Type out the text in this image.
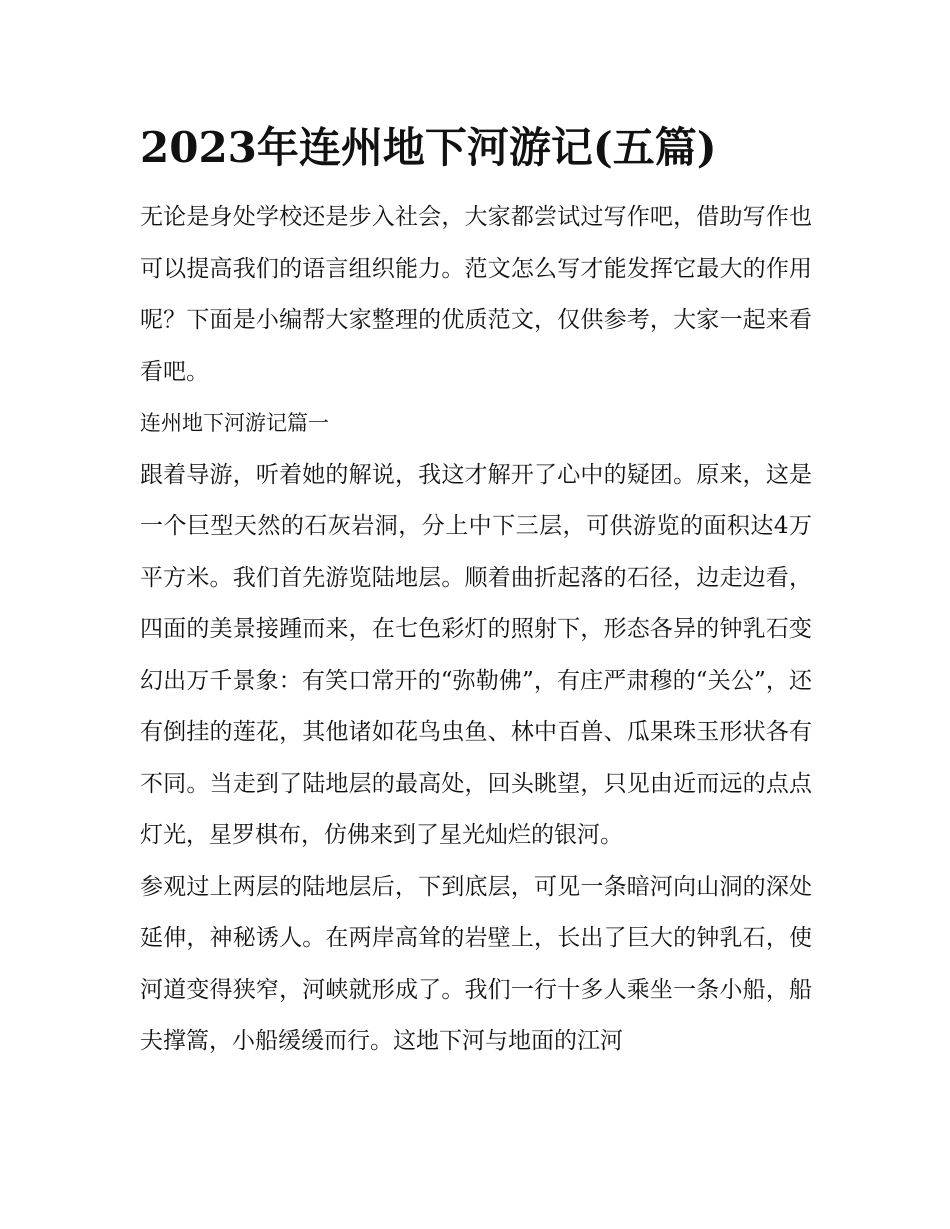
2023年连州地下河游记(五篇)

无论是身处学校还是步入社会，大家都尝试过写作吧，借助写作也可以提高我们的语言组织能力。范文怎么写才能发挥它最大的作用呢？下面是小编帮大家整理的优质范文，仅供参考，大家一起来看看吧。

连州地下河游记篇一

跟着导游，听着她的解说，我这才解开了心中的疑团。原来，这是一个巨型天然的石灰岩洞，分上中下三层，可供游览的面积达4万平方米。我们首先游览陆地层。顺着曲折起落的石径，边走边看，四面的美景接踵而来，在七色彩灯的照射下，形态各异的钟乳石变幻出万千景象：有笑口常开的“弥勒佛”，有庄严肃穆的“关公”，还有倒挂的莲花，其他诸如花鸟虫鱼、林中百兽、瓜果珠玉形状各有不同。当走到了陆地层的最高处，回头眺望，只见由近而远的点点灯光，星罗棋布，仿佛来到了星光灿烂的银河。

参观过上两层的陆地层后，下到底层，可见一条暗河向山洞的深处延伸，神秘诱人。在两岸高耸的岩壁上，长出了巨大的钟乳石，使河道变得狭窄，河峡就形成了。我们一行十多人乘坐一条小船，船夫撑篙，小船缓缓而行。这地下河与地面的江河
